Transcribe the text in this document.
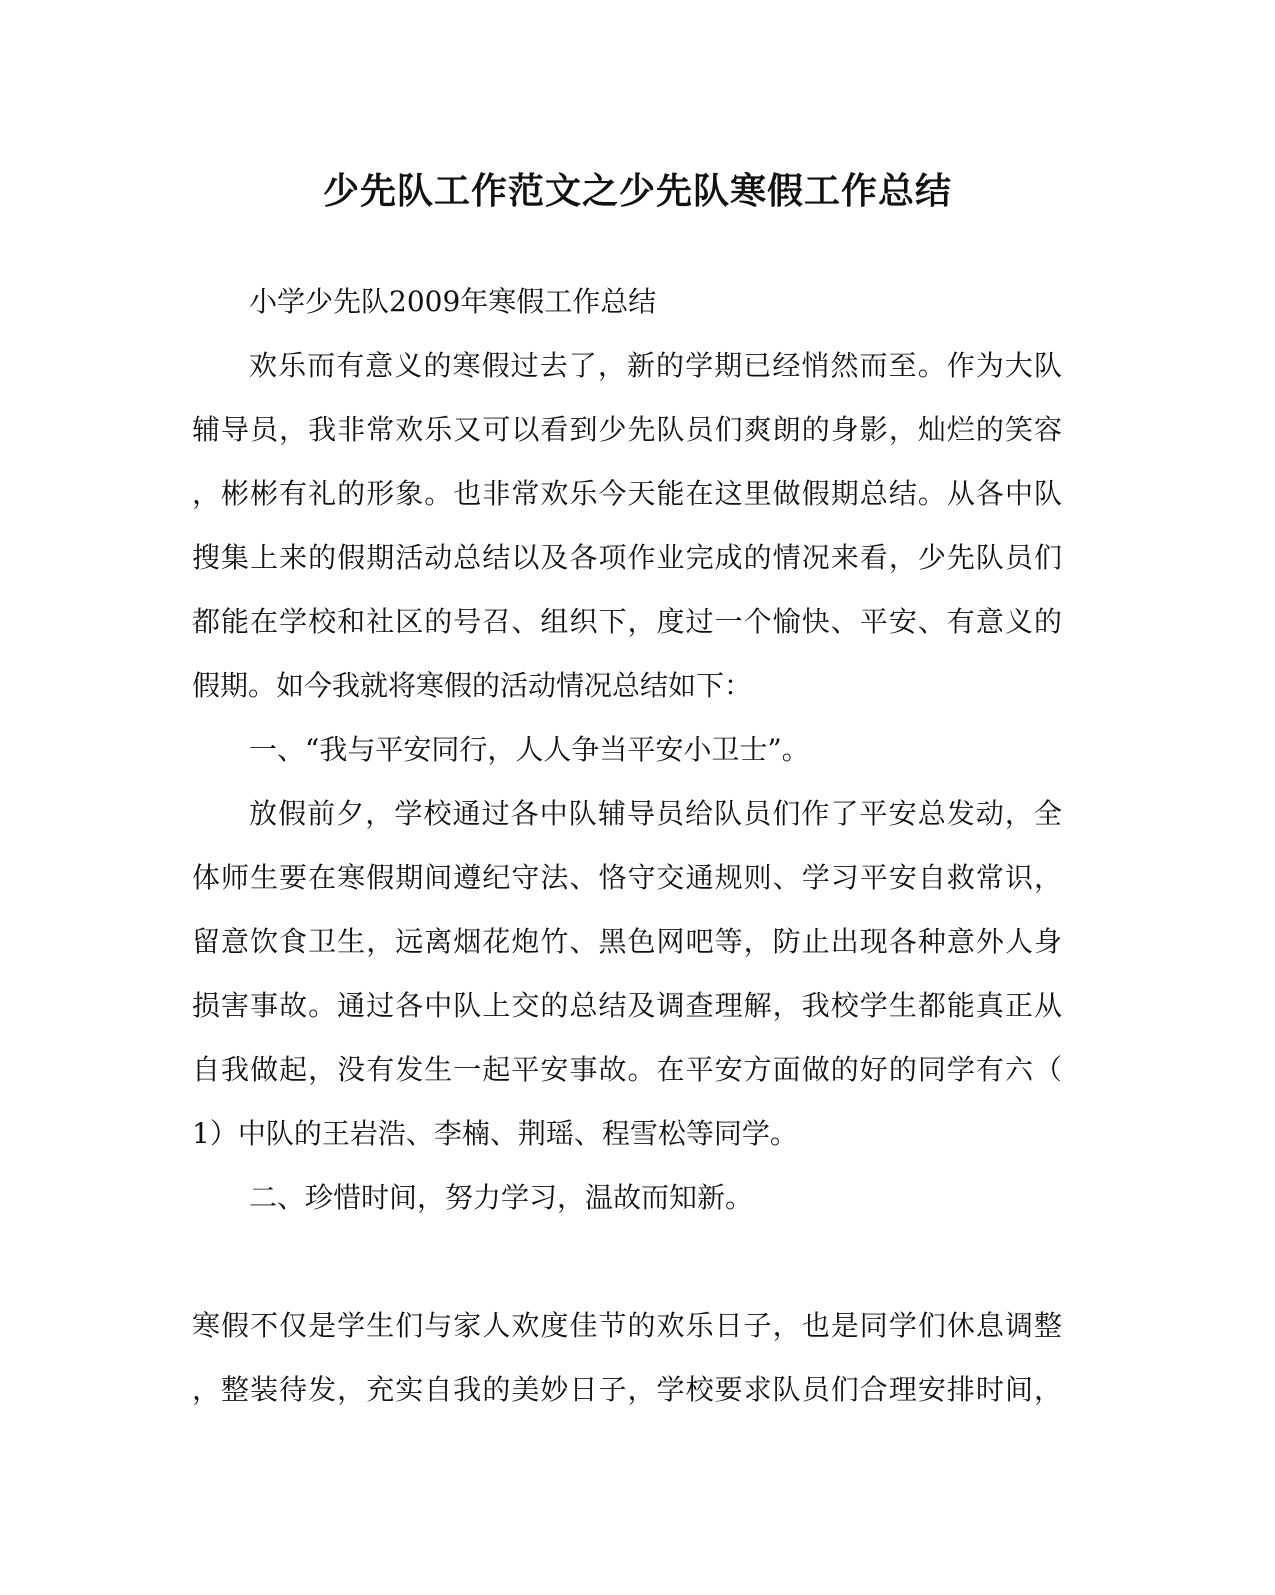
少先队工作范文之少先队寒假工作总结

小学少先队2009年寒假工作总结

欢乐而有意义的寒假过去了，新的学期已经悄然而至。作为大队

辅导员，我非常欢乐又可以看到少先队员们爽朗的身影，灿烂的笑容

，彬彬有礼的形象。也非常欢乐今天能在这里做假期总结。从各中队

搜集上来的假期活动总结以及各项作业完成的情况来看，少先队员们

都能在学校和社区的号召、组织下，度过一个愉快、平安、有意义的

假期。如今我就将寒假的活动情况总结如下：

一、“我与平安同行，人人争当平安小卫士”。

放假前夕，学校通过各中队辅导员给队员们作了平安总发动，全

体师生要在寒假期间遵纪守法、恪守交通规则、学习平安自救常识，

留意饮食卫生，远离烟花炮竹、黑色网吧等，防止出现各种意外人身

损害事故。通过各中队上交的总结及调查理解，我校学生都能真正从

自我做起，没有发生一起平安事故。在平安方面做的好的同学有六（

1）中队的王岩浩、李楠、荆瑶、程雪松等同学。

二、珍惜时间，努力学习，温故而知新。

寒假不仅是学生们与家人欢度佳节的欢乐日子，也是同学们休息调整

，整装待发，充实自我的美妙日子，学校要求队员们合理安排时间，
